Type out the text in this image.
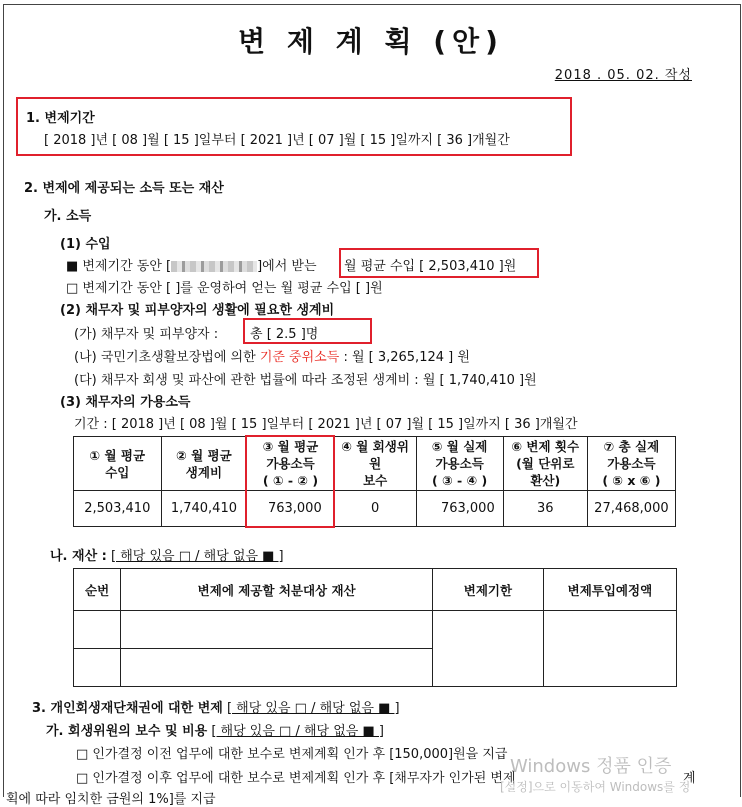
변 제 계 획 (안)
2018 . 05. 02. 작성
1. 변제기간
[ 2018 ]년 [ 08 ]월 [ 15 ]일부터 [ 2021 ]년 [ 07 ]월 [ 15 ]일까지 [ 36 ]개월간
2. 변제에 제공되는 소득 또는 재산
가. 소득
(1) 수입
■ 변제기간 동안 [	]에서 받는 월 평균 수입 [ 2,503,410 ]원
□ 변제기간 동안 [ ]를 운영하여 얻는 월 평균 수입 [ ]원
(2) 채무자 및 피부양자의 생활에 필요한 생계비
(가) 채무자 및 피부양자 : 총 [ 2.5 ]명
(나) 국민기초생활보장법에 의한 기준 중위소득 : 월 [ 3,265,124 ] 원
(다) 채무자 회생 및 파산에 관한 법률에 따라 조정된 생계비 : 월 [ 1,740,410 ]원
(3) 채무자의 가용소득
기간 : [ 2018 ]년 [ 08 ]월 [ 15 ]일부터 [ 2021 ]년 [ 07 ]월 [ 15 ]일까지 [ 36 ]개월간
① 월 평균
수입	② 월 평균
생계비	③ 월 평균
가용소득
( ① - ② )	④ 월 회생위원
보수	⑤ 월 실제
가용소득
( ③ - ④ )	⑥ 변제 횟수
(월 단위로
환산)	⑦ 총 실제
가용소득
( ⑤ x ⑥ )
2,503,410	1,740,410	763,000	0	763,000	36	27,468,000
나. 재산 : [ 해당 있음 □ / 해당 없음 ■ ]
순번	변제에 제공할 처분대상 재산	변제기한	변제투입예정액

3. 개인회생재단채권에 대한 변제 [ 해당 있음 □ / 해당 없음 ■ ]
가. 회생위원의 보수 및 비용 [ 해당 있음 □ / 해당 없음 ■ ]
□ 인가결정 이전 업무에 대한 보수로 변제계획 인가 후 [150,000]원을 지급
□ 인가결정 이후 업무에 대한 보수로 변제계획 인가 후 [채무자가 인가된 변제	계
획에 따라 임치한 금원의 1%]를 지급
Windows 정품 인증
[설정]으로 이동하여 Windows를 정
